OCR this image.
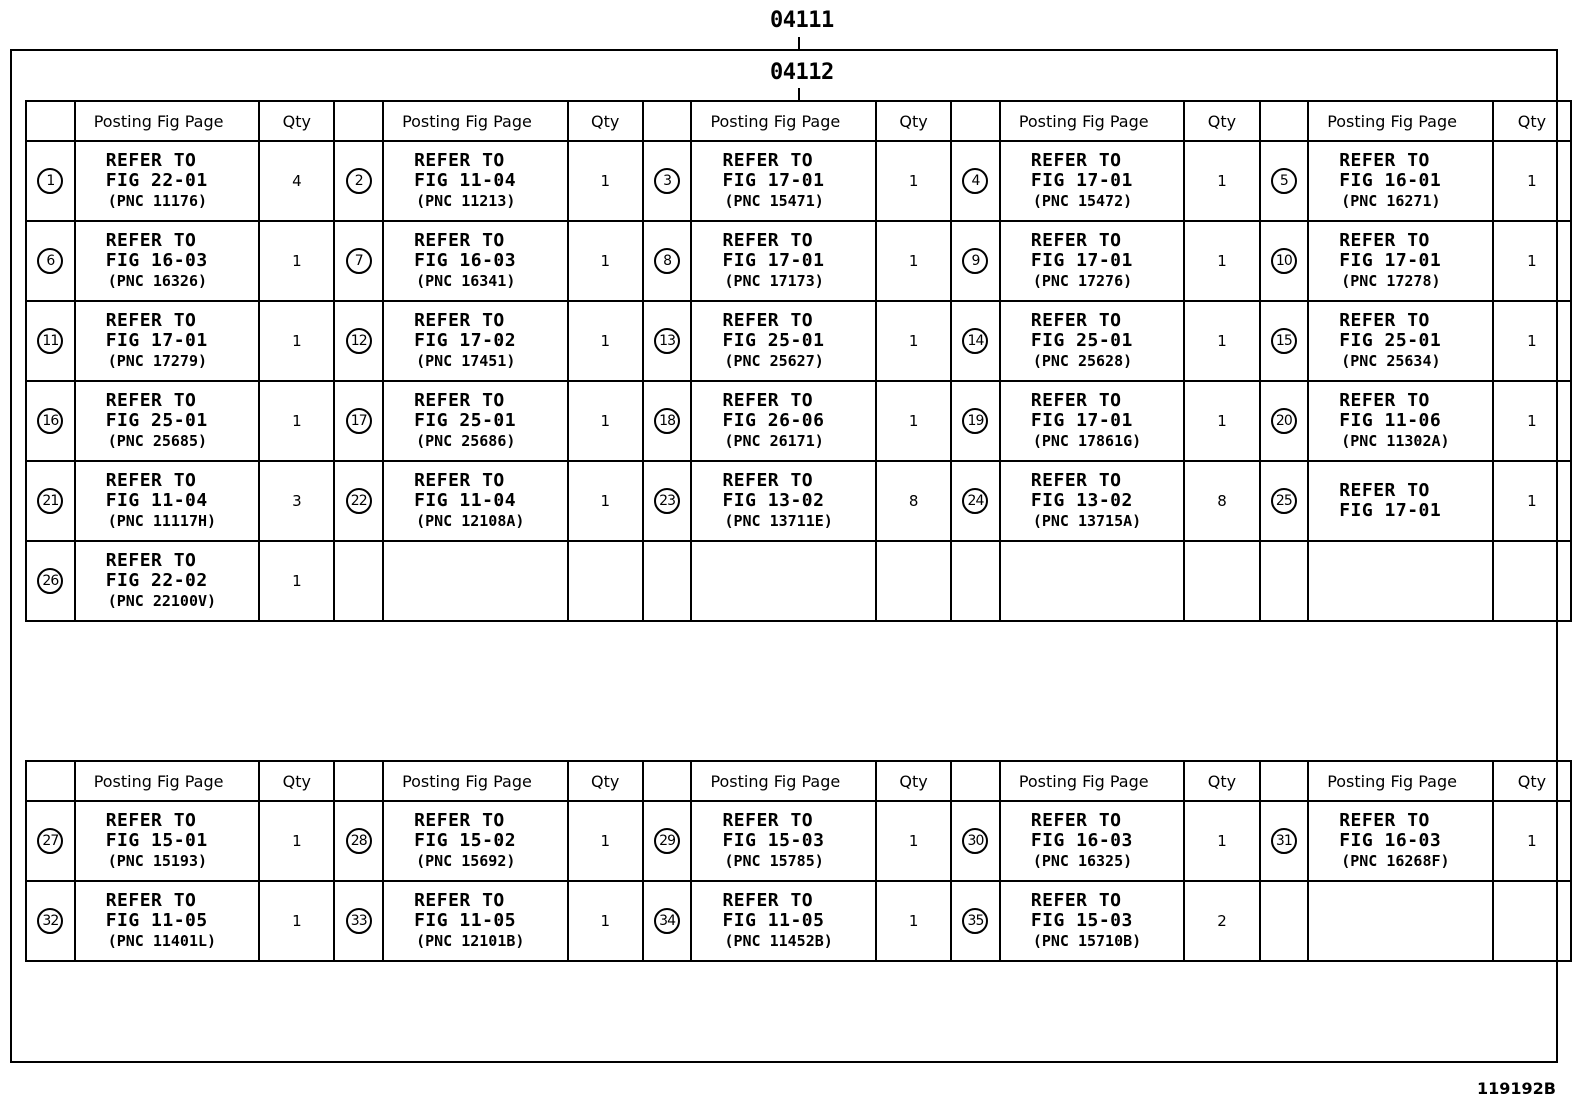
04111
04112
	Posting Fig Page	Qty		Posting Fig Page	Qty		Posting Fig Page	Qty		Posting Fig Page	Qty		Posting Fig Page	Qty
1	REFER TO
FIG 22-01
(PNC 11176)	4	2	REFER TO
FIG 11-04
(PNC 11213)	1	3	REFER TO
FIG 17-01
(PNC 15471)	1	4	REFER TO
FIG 17-01
(PNC 15472)	1	5	REFER TO
FIG 16-01
(PNC 16271)	1
6	REFER TO
FIG 16-03
(PNC 16326)	1	7	REFER TO
FIG 16-03
(PNC 16341)	1	8	REFER TO
FIG 17-01
(PNC 17173)	1	9	REFER TO
FIG 17-01
(PNC 17276)	1	10	REFER TO
FIG 17-01
(PNC 17278)	1
11	REFER TO
FIG 17-01
(PNC 17279)	1	12	REFER TO
FIG 17-02
(PNC 17451)	1	13	REFER TO
FIG 25-01
(PNC 25627)	1	14	REFER TO
FIG 25-01
(PNC 25628)	1	15	REFER TO
FIG 25-01
(PNC 25634)	1
16	REFER TO
FIG 25-01
(PNC 25685)	1	17	REFER TO
FIG 25-01
(PNC 25686)	1	18	REFER TO
FIG 26-06
(PNC 26171)	1	19	REFER TO
FIG 17-01
(PNC 17861G)	1	20	REFER TO
FIG 11-06
(PNC 11302A)	1
21	REFER TO
FIG 11-04
(PNC 11117H)	3	22	REFER TO
FIG 11-04
(PNC 12108A)	1	23	REFER TO
FIG 13-02
(PNC 13711E)	8	24	REFER TO
FIG 13-02
(PNC 13715A)	8	25	REFER TO
FIG 17-01	1
26	REFER TO
FIG 22-02
(PNC 22100V)	1												
	Posting Fig Page	Qty		Posting Fig Page	Qty		Posting Fig Page	Qty		Posting Fig Page	Qty		Posting Fig Page	Qty
27	REFER TO
FIG 15-01
(PNC 15193)	1	28	REFER TO
FIG 15-02
(PNC 15692)	1	29	REFER TO
FIG 15-03
(PNC 15785)	1	30	REFER TO
FIG 16-03
(PNC 16325)	1	31	REFER TO
FIG 16-03
(PNC 16268F)	1
32	REFER TO
FIG 11-05
(PNC 11401L)	1	33	REFER TO
FIG 11-05
(PNC 12101B)	1	34	REFER TO
FIG 11-05
(PNC 11452B)	1	35	REFER TO
FIG 15-03
(PNC 15710B)	2			
119192B
